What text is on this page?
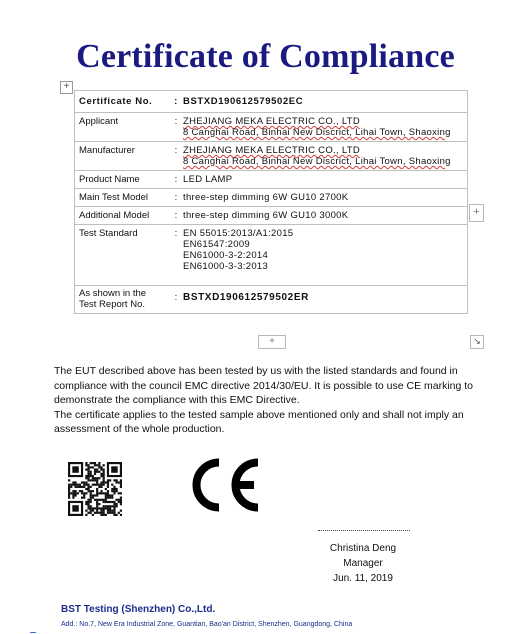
Certificate of Compliance
+
Certificate No.	:	BSTXD190612579502EC
Applicant	:	ZHEJIANG MEKA ELECTRIC CO., LTD
8 Canghai Road, Binhai New Discrict, Lihai Town, Shaoxing

Manufacturer	:	ZHEJIANG MEKA ELECTRIC CO., LTD
8 Canghai Road, Binhai New Discrict, Lihai Town, Shaoxing

Product Name	:	LED LAMP
Main Test Model	:	three-step dimming 6W GU10 2700K
Additional Model	:	three-step dimming 6W GU10 3000K
Test Standard	:	EN 55015:2013/A1:2015
EN61547:2009
EN61000-3-2:2014
EN61000-3-3:2013

As shown in the
Test Report No.	:	BSTXD190612579502ER
+
+	↘

The EUT described above has been tested by us with the listed standards and found in compliance with the council EMC directive 2014/30/EU. It is possible to use CE marking to demonstrate the compliance with this EMC Directive.

The certificate applies to the tested sample above mentioned only and shall not imply an assessment of the whole production.

CE
Christina Deng
Manager
Jun. 11, 2019
BST Testing (Shenzhen) Co.,Ltd.
Add.: No.7, New Era Industrial Zone, Guantian, Bao'an District, Shenzhen, Guangdong, China
